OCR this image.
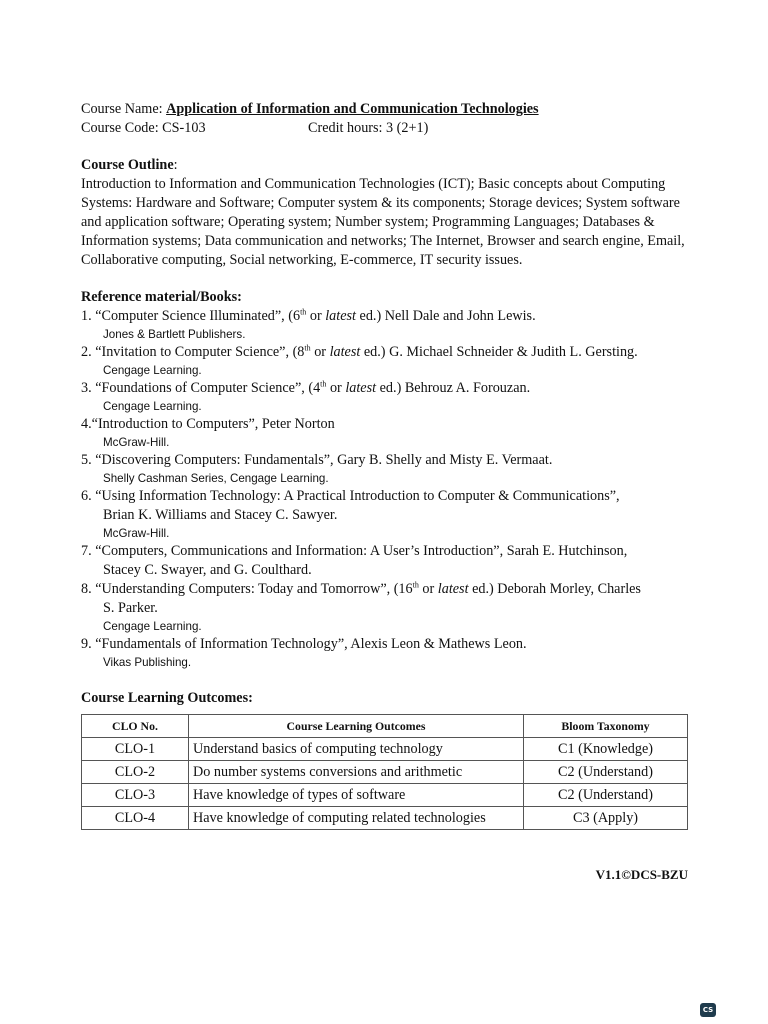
Course Name: Application of Information and Communication Technologies
Course Code: CS-103	Credit hours: 3 (2+1)
Course Outline:
Introduction to Information and Communication Technologies (ICT); Basic concepts about Computing Systems: Hardware and Software; Computer system & its components; Storage devices; System software and application software; Operating system; Number system; Programming Languages; Databases & Information systems; Data communication and networks; The Internet, Browser and search engine, Email, Collaborative computing, Social networking, E-commerce, IT security issues.
Reference material/Books:
1. “Computer Science Illuminated”, (6th or latest ed.) Nell Dale and John Lewis.
Jones & Bartlett Publishers.
2. “Invitation to Computer Science”, (8th or latest ed.) G. Michael Schneider & Judith L. Gersting.
Cengage Learning.
3. “Foundations of Computer Science”, (4th or latest ed.) Behrouz A. Forouzan.
Cengage Learning.
4.“Introduction to Computers”, Peter Norton
McGraw-Hill.
5. “Discovering Computers: Fundamentals”, Gary B. Shelly and Misty E. Vermaat.
Shelly Cashman Series, Cengage Learning.
6. “Using Information Technology: A Practical Introduction to Computer & Communications”,
Brian K. Williams and Stacey C. Sawyer.
McGraw-Hill.
7. “Computers, Communications and Information: A User’s Introduction”, Sarah E. Hutchinson,
Stacey C. Swayer, and G. Coulthard.
8. “Understanding Computers: Today and Tomorrow”, (16th or latest ed.) Deborah Morley, Charles
S. Parker.
Cengage Learning.
9. “Fundamentals of Information Technology”, Alexis Leon & Mathews Leon.
Vikas Publishing.
Course Learning Outcomes:
CLO No.	Course Learning Outcomes	Bloom Taxonomy
CLO-1	Understand basics of computing technology	C1 (Knowledge)
CLO-2	Do number systems conversions and arithmetic	C2 (Understand)
CLO-3	Have knowledge of types of software	C2 (Understand)
CLO-4	Have knowledge of computing related technologies	C3 (Apply)
V1.1©DCS-BZU
CS
